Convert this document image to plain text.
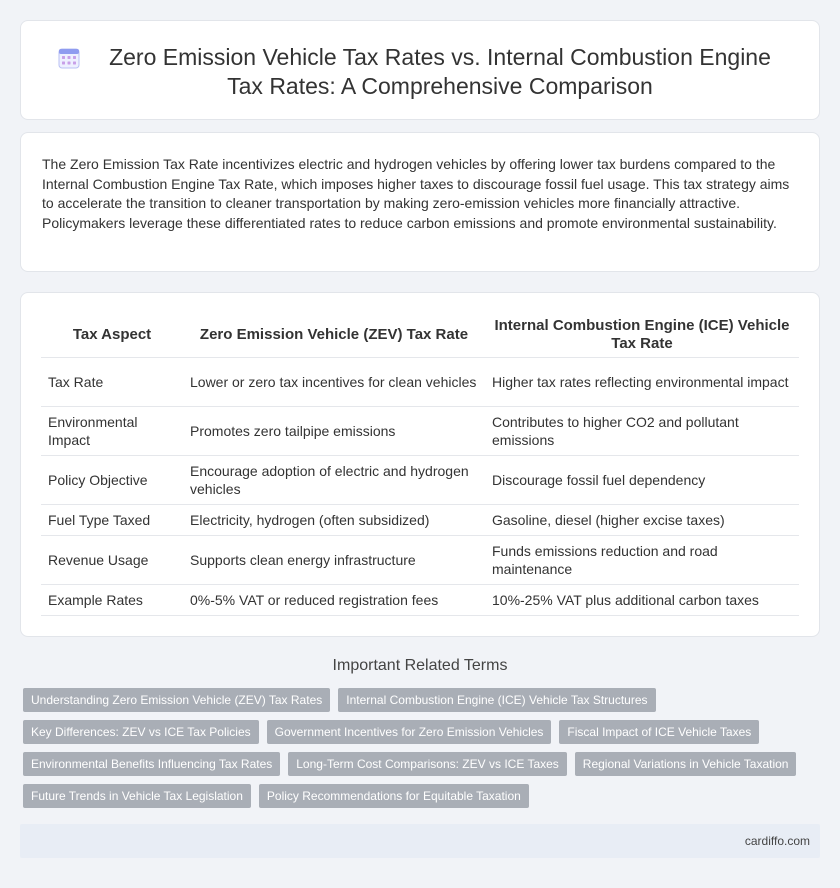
Zero Emission Vehicle Tax Rates vs. Internal Combustion Engine Tax Rates: A Comprehensive Comparison

The Zero Emission Tax Rate incentivizes electric and hydrogen vehicles by offering lower tax burdens compared to the Internal Combustion Engine Tax Rate, which imposes higher taxes to discourage fossil fuel usage. This tax strategy aims to accelerate the transition to cleaner transportation by making zero-emission vehicles more financially attractive. Policymakers leverage these differentiated rates to reduce carbon emissions and promote environmental sustainability.

Tax Aspect	Zero Emission Vehicle (ZEV) Tax Rate	Internal Combustion Engine (ICE) Vehicle Tax Rate
Tax Rate	Lower or zero tax incentives for clean vehicles	Higher tax rates reflecting environmental impact
Environmental Impact	Promotes zero tailpipe emissions	Contributes to higher CO2 and pollutant emissions
Policy Objective	Encourage adoption of electric and hydrogen vehicles	Discourage fossil fuel dependency
Fuel Type Taxed	Electricity, hydrogen (often subsidized)	Gasoline, diesel (higher excise taxes)
Revenue Usage	Supports clean energy infrastructure	Funds emissions reduction and road maintenance
Example Rates	0%-5% VAT or reduced registration fees	10%-25% VAT plus additional carbon taxes
Important Related Terms
Understanding Zero Emission Vehicle (ZEV) Tax Rates	Internal Combustion Engine (ICE) Vehicle Tax Structures
Key Differences: ZEV vs ICE Tax Policies	Government Incentives for Zero Emission Vehicles	Fiscal Impact of ICE Vehicle Taxes
Environmental Benefits Influencing Tax Rates	Long-Term Cost Comparisons: ZEV vs ICE Taxes	Regional Variations in Vehicle Taxation
Future Trends in Vehicle Tax Legislation	Policy Recommendations for Equitable Taxation
cardiffo.com
